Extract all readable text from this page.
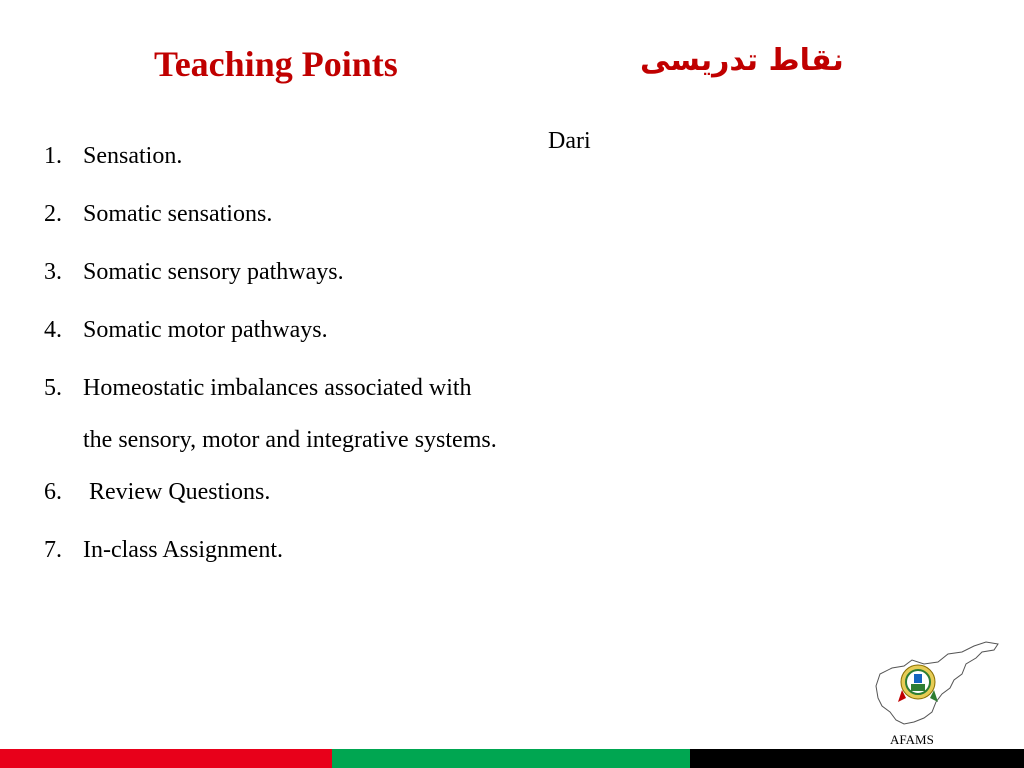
Teaching Points	نقاط تدریسی
Dari
1. Sensation.
2. Somatic sensations.
3. Somatic sensory pathways.
4. Somatic motor pathways.
5. Homeostatic imbalances associated with the sensory, motor and integrative systems.
6. Review Questions.
7. In-class Assignment.
AFAMS
